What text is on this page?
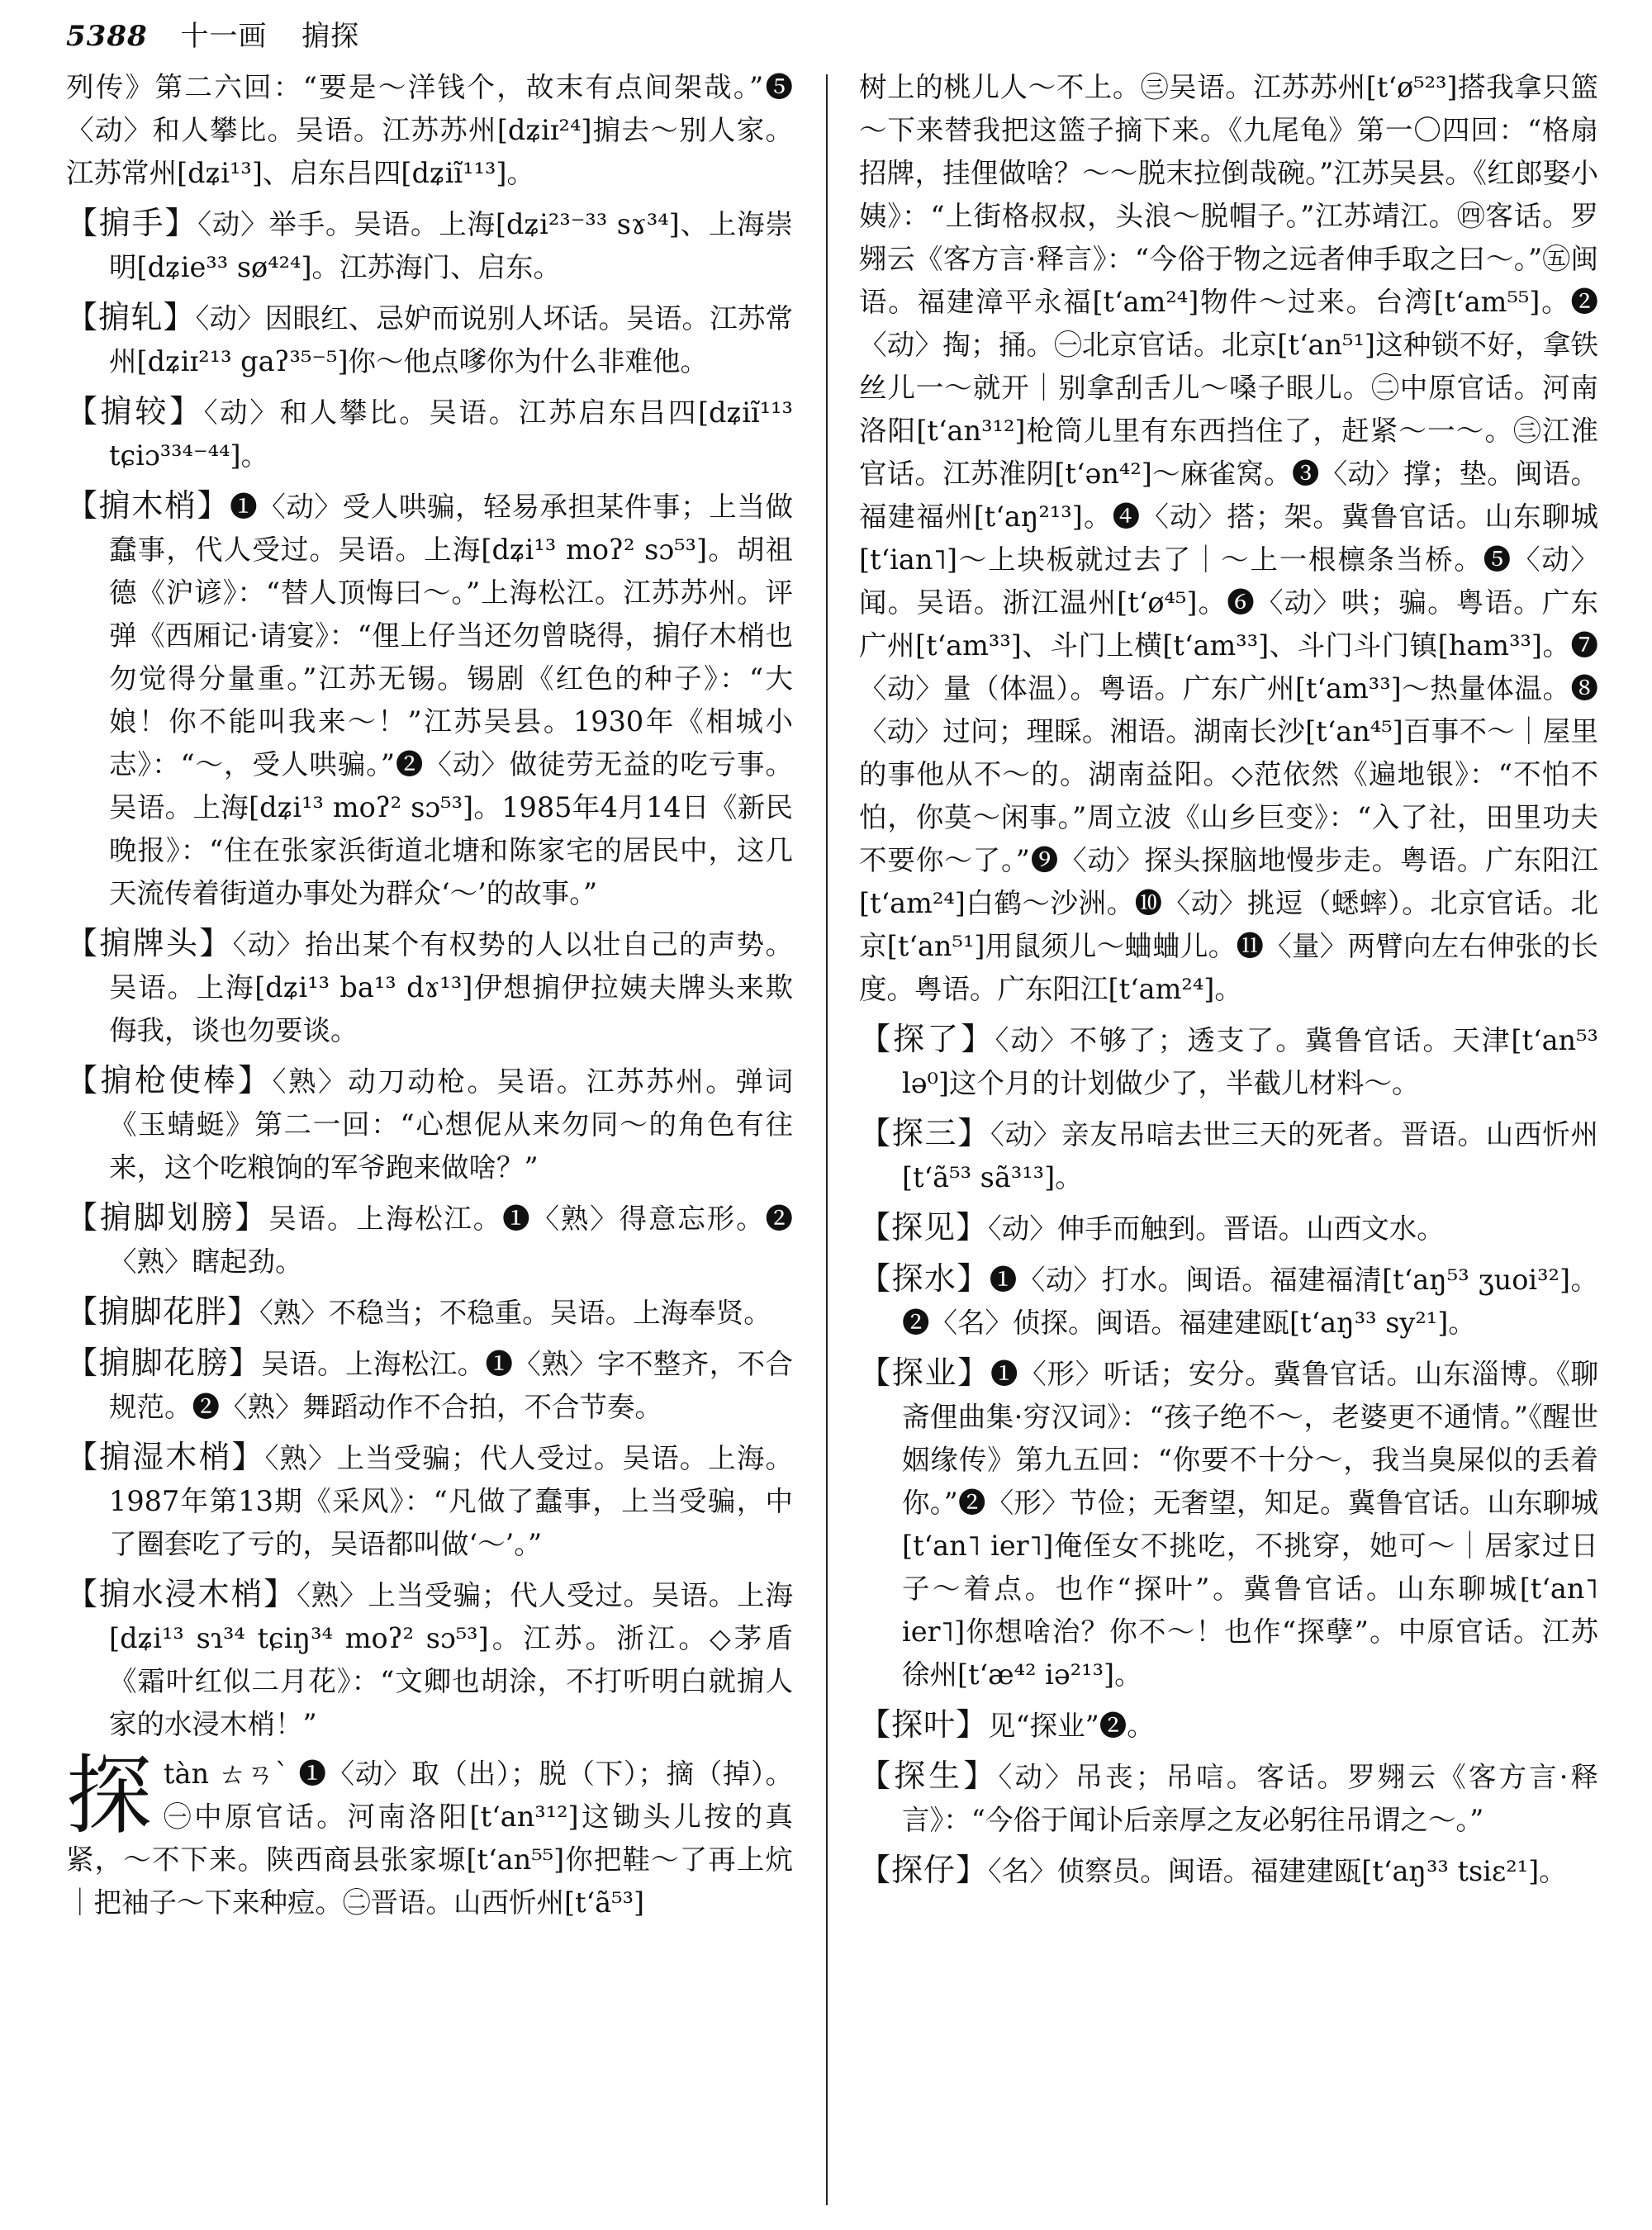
5388 十一画 掮探
列传》第二六回：“要是～洋钱个，故末有点间架哉。”❺〈动〉和人攀比。吴语。江苏苏州[dʑiɪ²⁴]掮去～别人家。江苏常州[dʑi¹³]、启东吕四[dʑiĩ¹¹³]。
【掮手】〈动〉举手。吴语。上海[dʑi²³⁻³³ sɤ³⁴]、上海崇明[dʑie³³ sø⁴²⁴]。江苏海门、启东。
【掮轧】〈动〉因眼红、忌妒而说别人坏话。吴语。江苏常州[dʑiɪ²¹³ gaʔ³⁵⁻⁵]你～他点嗲你为什么非难他。
【掮较】〈动〉和人攀比。吴语。江苏启东吕四[dʑiĩ¹¹³ tɕiɔ³³⁴⁻⁴⁴]。
【掮木梢】❶〈动〉受人哄骗，轻易承担某件事；上当做蠢事，代人受过。吴语。上海[dʑi¹³ moʔ² sɔ⁵³]。胡祖德《沪谚》：“替人顶悔曰～。”上海松江。江苏苏州。评弹《西厢记·请宴》：“俚上仔当还勿曾晓得，掮仔木梢也勿觉得分量重。”江苏无锡。锡剧《红色的种子》：“大娘！你不能叫我来～！”江苏吴县。1930年《相城小志》：“～，受人哄骗。”❷〈动〉做徒劳无益的吃亏事。吴语。上海[dʑi¹³ moʔ² sɔ⁵³]。1985年4月14日《新民晚报》：“住在张家浜街道北塘和陈家宅的居民中，这几天流传着街道办事处为群众‘～’的故事。”
【掮牌头】〈动〉抬出某个有权势的人以壮自己的声势。吴语。上海[dʑi¹³ ba¹³ dɤ¹³]伊想掮伊拉姨夫牌头来欺侮我，谈也勿要谈。
【掮枪使棒】〈熟〉动刀动枪。吴语。江苏苏州。弹词《玉蜻蜓》第二一回：“心想伲从来勿同～的角色有往来，这个吃粮饷的军爷跑来做啥？”
【掮脚划膀】吴语。上海松江。❶〈熟〉得意忘形。❷〈熟〉瞎起劲。
【掮脚花胖】〈熟〉不稳当；不稳重。吴语。上海奉贤。
【掮脚花膀】吴语。上海松江。❶〈熟〉字不整齐，不合规范。❷〈熟〉舞蹈动作不合拍，不合节奏。
【掮湿木梢】〈熟〉上当受骗；代人受过。吴语。上海。1987年第13期《采风》：“凡做了蠢事，上当受骗，中了圈套吃了亏的，吴语都叫做‘～’。”
【掮水浸木梢】〈熟〉上当受骗；代人受过。吴语。上海[dʑi¹³ sɿ³⁴ tɕiŋ³⁴ moʔ² sɔ⁵³]。江苏。浙江。◇茅盾《霜叶红似二月花》：“文卿也胡涂，不打听明白就掮人家的水浸木梢！”
探tàn ㄊㄢˋ ❶〈动〉取（出）；脱（下）；摘（掉）。㊀中原官话。河南洛阳[tʻan³¹²]这锄头儿按的真紧，～不下来。陕西商县张家塬[tʻan⁵⁵]你把鞋～了再上炕｜把袖子～下来种痘。㊁晋语。山西忻州[tʻã⁵³]
树上的桃儿人～不上。㊂吴语。江苏苏州[tʻø⁵²³]搭我拿只篮～下来替我把这篮子摘下来。《九尾龟》第一〇四回：“格扇招牌，挂俚做啥？～～脱末拉倒哉碗。”江苏吴县。《红郎娶小姨》：“上街格叔叔，头浪～脱帽子。”江苏靖江。㊃客话。罗翙云《客方言·释言》：“今俗于物之远者伸手取之曰～。”㊄闽语。福建漳平永福[tʻam²⁴]物件～过来。台湾[tʻam⁵⁵]。❷〈动〉掏；捅。㊀北京官话。北京[tʻan⁵¹]这种锁不好，拿铁丝儿一～就开｜别拿刮舌儿～嗓子眼儿。㊁中原官话。河南洛阳[tʻan³¹²]枪筒儿里有东西挡住了，赶紧～一～。㊂江淮官话。江苏淮阴[tʻən⁴²]～麻雀窝。❸〈动〉撑；垫。闽语。福建福州[tʻaŋ²¹³]。❹〈动〉搭；架。冀鲁官话。山东聊城[tʻian˥]～上块板就过去了｜～上一根檩条当桥。❺〈动〉闻。吴语。浙江温州[tʻø⁴⁵]。❻〈动〉哄；骗。粤语。广东广州[tʻam³³]、斗门上横[tʻam³³]、斗门斗门镇[ham³³]。❼〈动〉量（体温）。粤语。广东广州[tʻam³³]～热量体温。❽〈动〉过问；理睬。湘语。湖南长沙[tʻan⁴⁵]百事不～｜屋里的事他从不～的。湖南益阳。◇范依然《遍地银》：“不怕不怕，你莫～闲事。”周立波《山乡巨变》：“入了社，田里功夫不要你～了。”❾〈动〉探头探脑地慢步走。粤语。广东阳江[tʻam²⁴]白鹤～沙洲。❿〈动〉挑逗（蟋蟀）。北京官话。北京[tʻan⁵¹]用鼠须儿～蛐蛐儿。⓫〈量〉两臂向左右伸张的长度。粤语。广东阳江[tʻam²⁴]。
【探了】〈动〉不够了；透支了。冀鲁官话。天津[tʻan⁵³ lə⁰]这个月的计划做少了，半截儿材料～。
【探三】〈动〉亲友吊唁去世三天的死者。晋语。山西忻州[tʻã⁵³ sã³¹³]。
【探见】〈动〉伸手而触到。晋语。山西文水。
【探水】❶〈动〉打水。闽语。福建福清[tʻaŋ⁵³ ʒuoi³²]。❷〈名〉侦探。闽语。福建建瓯[tʻaŋ³³ sy²¹]。
【探业】❶〈形〉听话；安分。冀鲁官话。山东淄博。《聊斋俚曲集·穷汉词》：“孩子绝不～，老婆更不通情。”《醒世姻缘传》第九五回：“你要不十分～，我当臭屎似的丢着你。”❷〈形〉节俭；无奢望，知足。冀鲁官话。山东聊城[tʻan˥ ier˥]俺侄女不挑吃，不挑穿，她可～｜居家过日子～着点。也作“探叶”。冀鲁官话。山东聊城[tʻan˥ ier˥]你想啥治？你不～！也作“探孽”。中原官话。江苏徐州[tʻæ⁴² iə²¹³]。
【探叶】见“探业”❷。
【探生】〈动〉吊丧；吊唁。客话。罗翙云《客方言·释言》：“今俗于闻讣后亲厚之友必躬往吊谓之～。”
【探仔】〈名〉侦察员。闽语。福建建瓯[tʻaŋ³³ tsiɛ²¹]。
